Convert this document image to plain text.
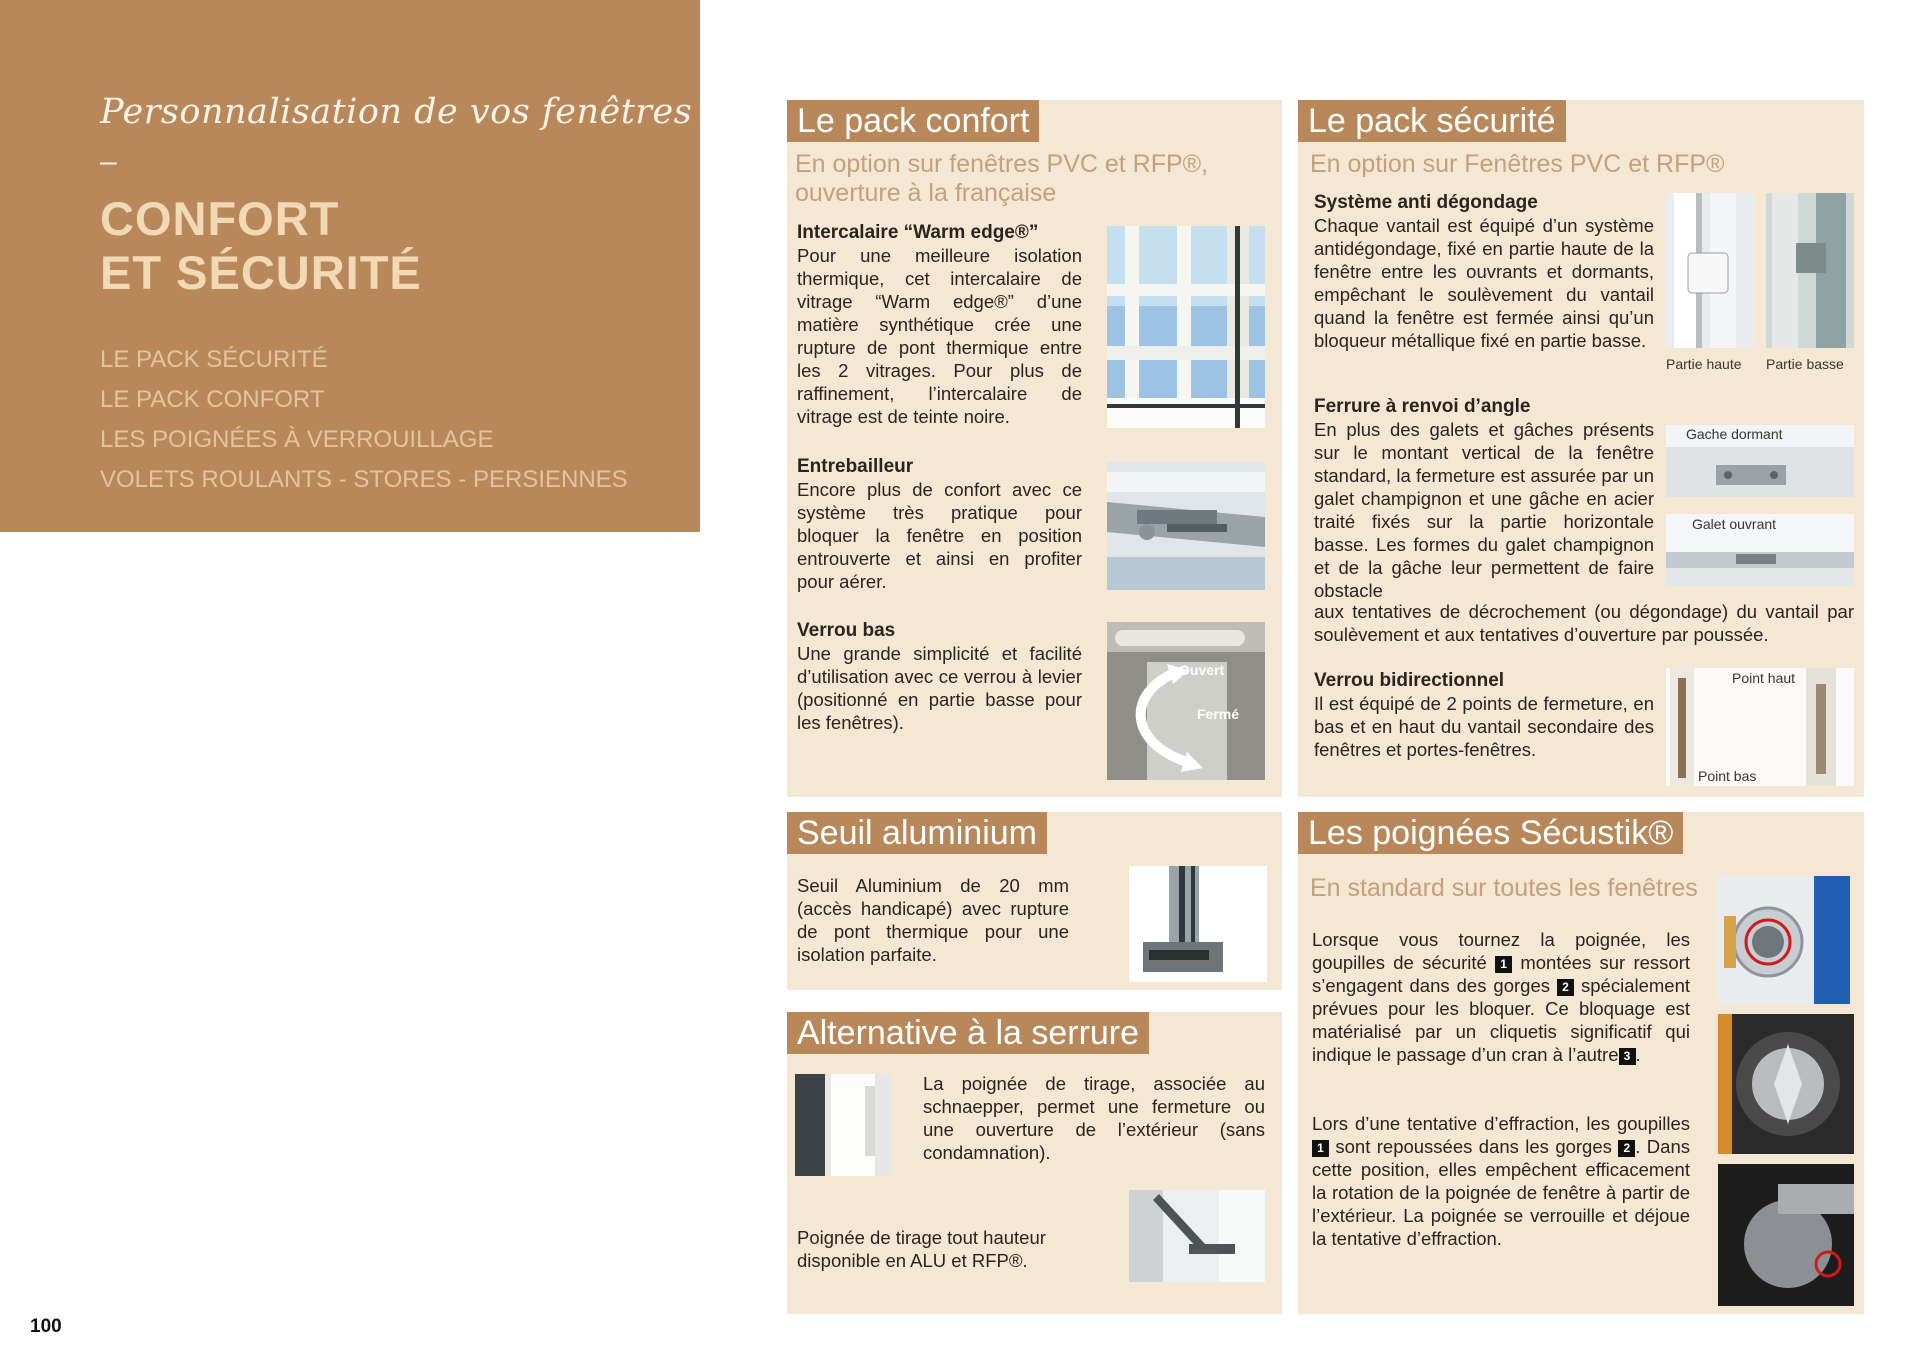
Personnalisation de vos fenêtres
–
CONFORT
ET SÉCURITÉ
LE PACK SÉCURITÉ
LE PACK CONFORT
LES POIGNÉES À VERROUILLAGE
VOLETS ROULANTS - STORES - PERSIENNES
Le pack confort
En option sur fenêtres PVC et RFP®, ouverture à la française
Intercalaire “Warm edge®”
Pour une meilleure isolation thermique, cet intercalaire de vitrage “Warm edge®” d’une matière synthétique crée une rupture de pont thermique entre les 2 vitrages. Pour plus de raffinement, l’intercalaire de vitrage est de teinte noire.
Entrebailleur
Encore plus de confort avec ce système très pratique pour bloquer la fenêtre en position entrouverte et ainsi en profiter pour aérer.
Verrou bas
Une grande simplicité et facilité d’utilisation avec ce verrou à levier (positionné en partie basse pour les fenêtres).
Ouvert
Fermé
Le pack sécurité
En option sur Fenêtres PVC et RFP®
Système anti dégondage
Chaque vantail est équipé d’un système antidégondage, fixé en partie haute de la fenêtre entre les ouvrants et dormants, empêchant le soulèvement du vantail quand la fenêtre est fermée ainsi qu’un bloqueur métallique fixé en partie basse.
Partie haute Partie basse
Ferrure à renvoi d’angle
En plus des galets et gâches présents sur le montant vertical de la fenêtre standard, la fermeture est assurée par un galet champignon et une gâche en acier traité fixés sur la partie horizontale basse. Les formes du galet champignon et de la gâche leur permettent de faire obstacle
aux tentatives de décrochement (ou dégondage) du vantail par soulèvement et aux tentatives d’ouverture par poussée.
Gache dormant
Galet ouvrant
Verrou bidirectionnel
Il est équipé de 2 points de fermeture, en bas et en haut du vantail secondaire des fenêtres et portes-fenêtres.
Point haut
Point bas
Seuil aluminium
Seuil Aluminium de 20 mm (accès handicapé) avec rupture de pont thermique pour une isolation parfaite.
Alternative à la serrure
La poignée de tirage, associée au schnaepper, permet une fermeture ou une ouverture de l’extérieur (sans condamnation).
Poignée de tirage tout hauteur disponible en ALU et RFP®.
Les poignées Sécustik®
En standard sur toutes les fenêtres
Lorsque vous tournez la poignée, les goupilles de sécurité 1 montées sur ressort s’engagent dans des gorges 2 spécialement prévues pour les bloquer. Ce bloquage est matérialisé par un cliquetis significatif qui indique le passage d’un cran à l’autre 3 .
Lors d’une tentative d’effraction, les goupilles 1 sont repoussées dans les gorges 2 . Dans cette position, elles empêchent efficacement la rotation de la poignée de fenêtre à partir de l’extérieur. La poignée se verrouille et déjoue la tentative d’effraction.
100
